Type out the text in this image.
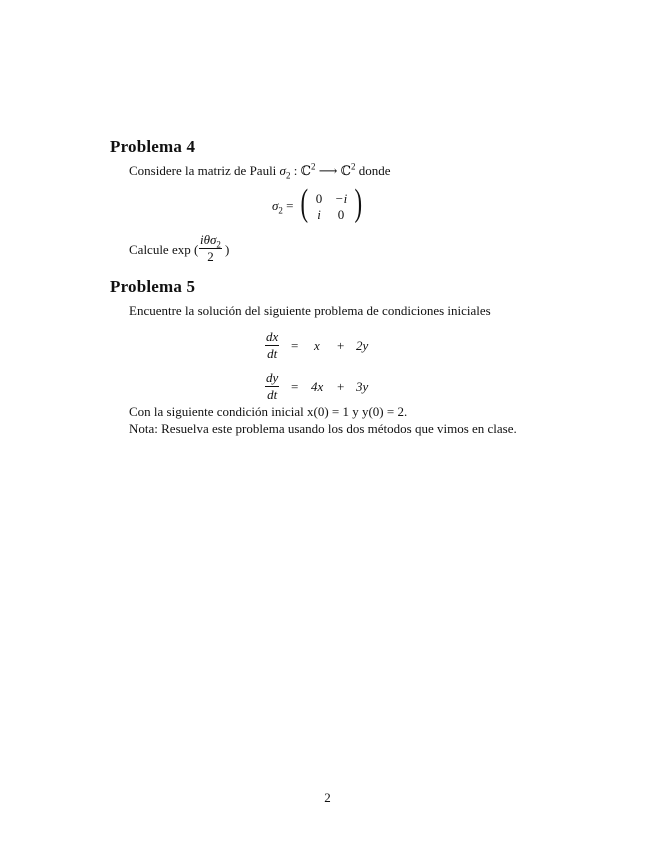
Problema 4
Considere la matriz de Pauli $\sigma_2$ : ℂ$^2$ ⟶ ℂ$^2$ donde
$\sigma_2$ = ( 0 −i
i	0 )
Calcule exp (
iθσ$_2$
2 )
Problema 5
Encuentre la solución del siguiente problema de condiciones iniciales
$\frac{dx}{dt} = x + 2y$
$\frac{dy}{dt} = 4x + 3y$
Con la siguiente condición inicial x(0) = 1 y y(0) = 2.
Nota: Resuelva este problema usando los dos métodos que vimos en clase.
2
